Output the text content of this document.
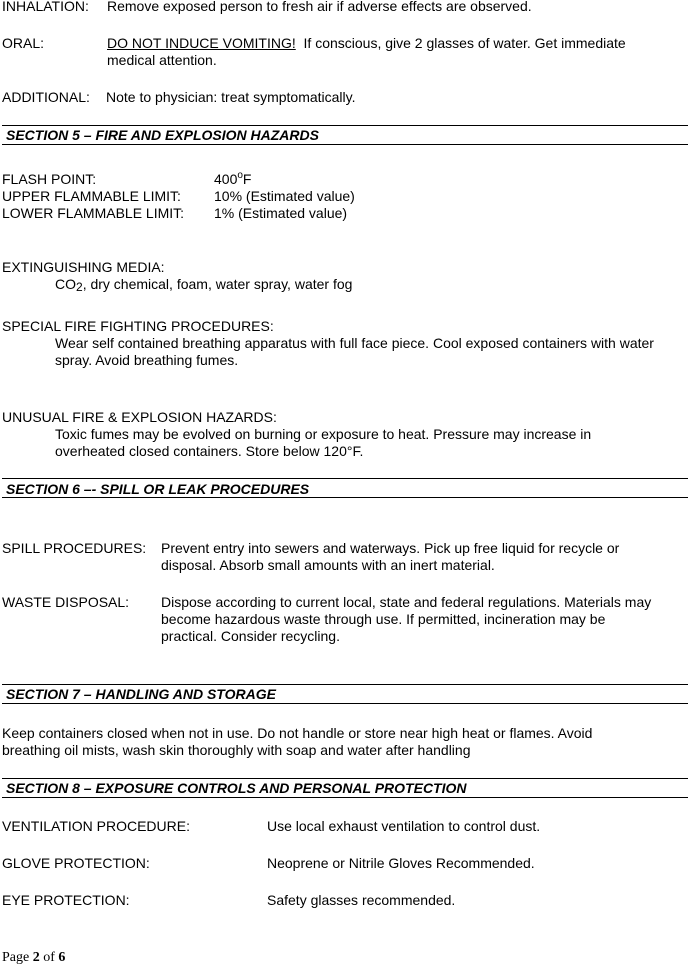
INHALATION: Remove exposed person to fresh air if adverse effects are observed.
ORAL:	DO NOT INDUCE VOMITING! If conscious, give 2 glasses of water. Get immediate
medical attention.
ADDITIONAL: Note to physician: treat symptomatically.
SECTION 5 – FIRE AND EXPLOSION HAZARDS
FLASH POINT:	400$^o$F
UPPER FLAMMABLE LIMIT: 10% (Estimated value)
LOWER FLAMMABLE LIMIT: 1% (Estimated value)
EXTINGUISHING MEDIA:
$CO_2$, dry chemical, foam, water spray, water fog
SPECIAL FIRE FIGHTING PROCEDURES:
Wear self contained breathing apparatus with full face piece. Cool exposed containers with water
spray. Avoid breathing fumes.
UNUSUAL FIRE & EXPLOSION HAZARDS:
Toxic fumes may be evolved on burning or exposure to heat. Pressure may increase in
overheated closed containers. Store below 120°F.
SECTION 6 –- SPILL OR LEAK PROCEDURES
SPILL PROCEDURES: Prevent entry into sewers and waterways. Pick up free liquid for recycle or
disposal. Absorb small amounts with an inert material.
WASTE DISPOSAL: Dispose according to current local, state and federal regulations. Materials may
become hazardous waste through use. If permitted, incineration may be
practical. Consider recycling.
SECTION 7 – HANDLING AND STORAGE
Keep containers closed when not in use. Do not handle or store near high heat or flames. Avoid
breathing oil mists, wash skin thoroughly with soap and water after handling
SECTION 8 – EXPOSURE CONTROLS AND PERSONAL PROTECTION
VENTILATION PROCEDURE:	Use local exhaust ventilation to control dust.
GLOVE PROTECTION:	Neoprene or Nitrile Gloves Recommended.
EYE PROTECTION:	Safety glasses recommended.
Page 2 of 6
